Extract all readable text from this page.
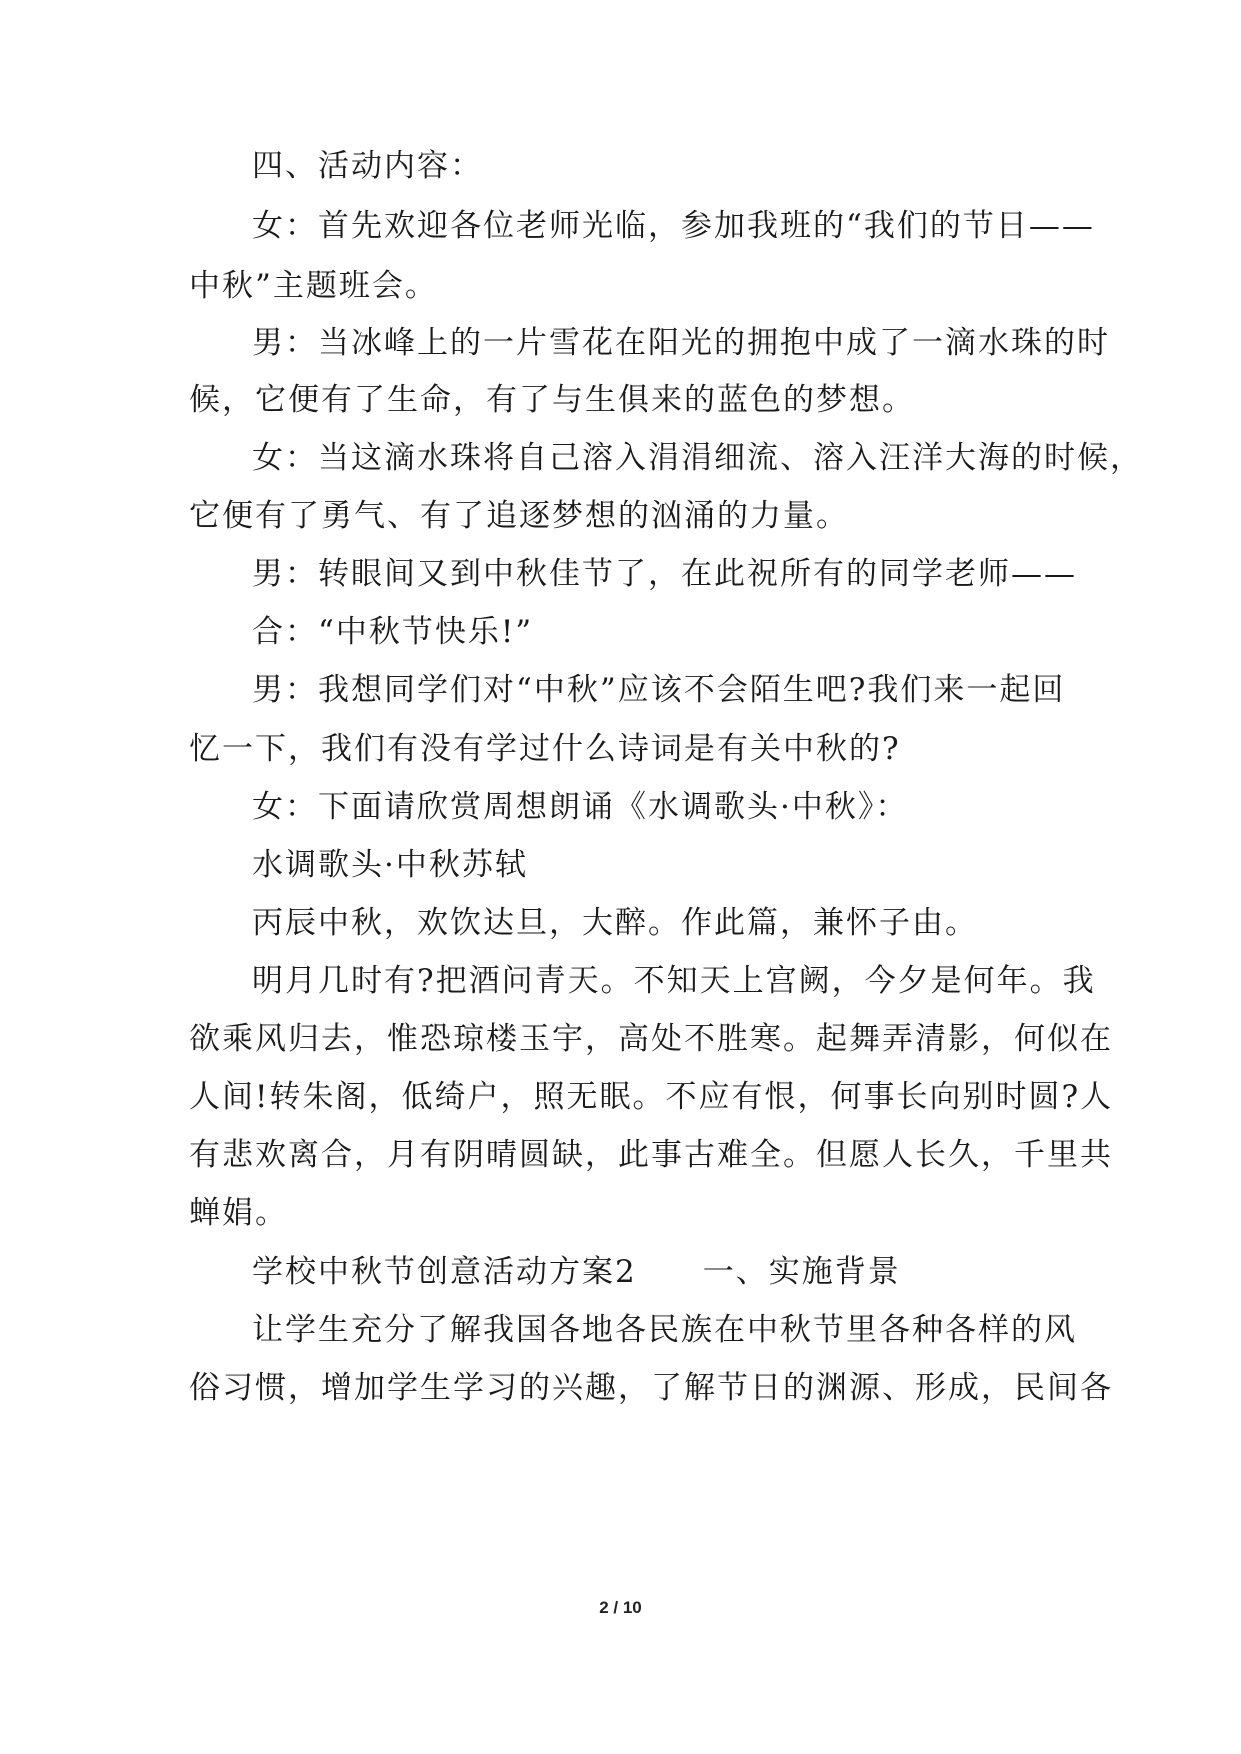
四、活动内容：
女：首先欢迎各位老师光临，参加我班的“我们的节日——
中秋”主题班会。
男：当冰峰上的一片雪花在阳光的拥抱中成了一滴水珠的时
候，它便有了生命，有了与生俱来的蓝色的梦想。
女：当这滴水珠将自己溶入涓涓细流、溶入汪洋大海的时候，
它便有了勇气、有了追逐梦想的汹涌的力量。
男：转眼间又到中秋佳节了，在此祝所有的同学老师——
合：“中秋节快乐!”
男：我想同学们对“中秋”应该不会陌生吧?我们来一起回
忆一下，我们有没有学过什么诗词是有关中秋的?
女：下面请欣赏周想朗诵《水调歌头·中秋》：
水调歌头·中秋苏轼
丙辰中秋，欢饮达旦，大醉。作此篇，兼怀子由。
明月几时有?把酒问青天。不知天上宫阙，今夕是何年。我
欲乘风归去，惟恐琼楼玉宇，高处不胜寒。起舞弄清影，何似在
人间!转朱阁，低绮户，照无眠。不应有恨，何事长向别时圆?人
有悲欢离合，月有阴晴圆缺，此事古难全。但愿人长久，千里共
蝉娟。
学校中秋节创意活动方案2　　一、实施背景
让学生充分了解我国各地各民族在中秋节里各种各样的风
俗习惯，增加学生学习的兴趣，了解节日的渊源、形成，民间各
2 / 10
